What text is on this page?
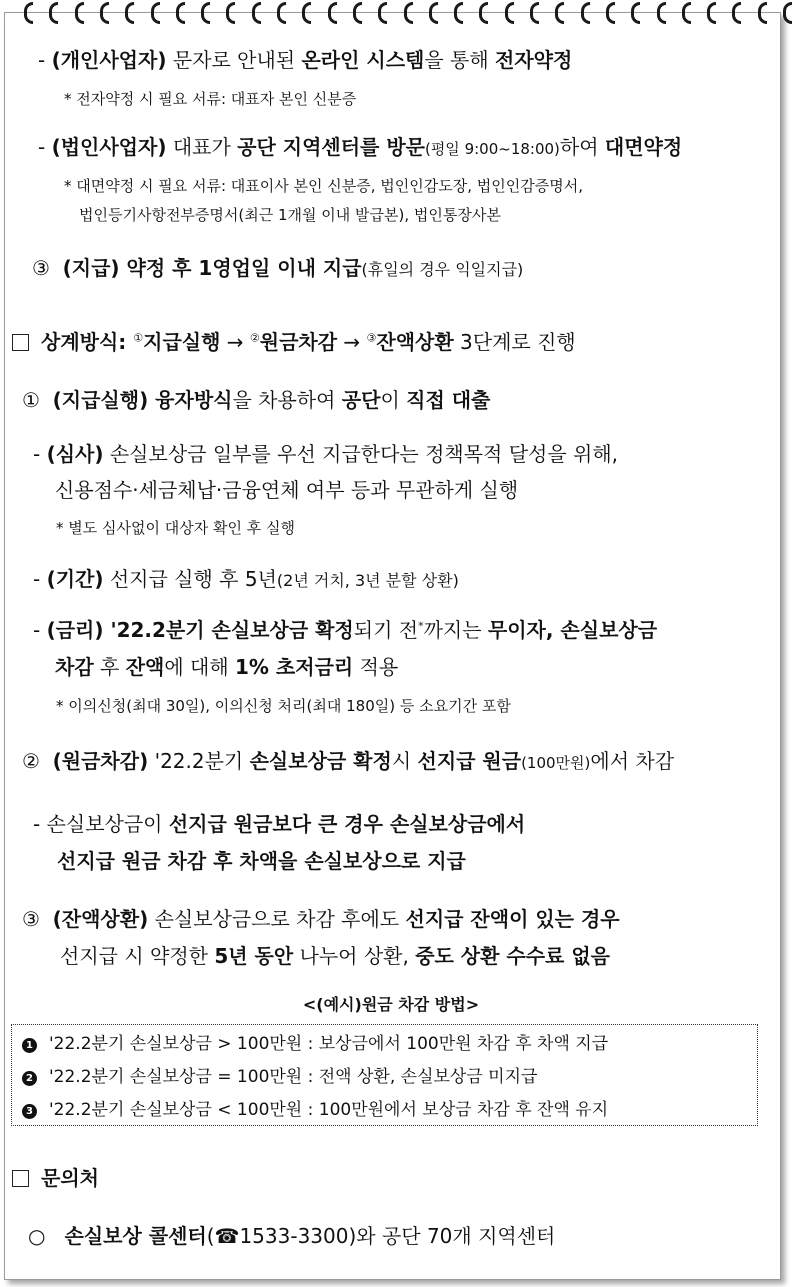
- (개인사업자) 문자로 안내된 온라인 시스템을 통해 전자약정
* 전자약정 시 필요 서류: 대표자 본인 신분증
- (법인사업자) 대표가 공단 지역센터를 방문(평일 9:00~18:00)하여 대면약정
* 대면약정 시 필요 서류: 대표이사 본인 신분증, 법인인감도장, 법인인감증명서,
법인등기사항전부증명서(최근 1개월 이내 발급본), 법인통장사본
③ (지급) 약정 후 1영업일 이내 지급(휴일의 경우 익일지급)
상계방식: ①지급실행 → ②원금차감 → ③잔액상환 3단계로 진행
① (지급실행) 융자방식을 차용하여 공단이 직접 대출
- (심사) 손실보상금 일부를 우선 지급한다는 정책목적 달성을 위해,
신용점수·세금체납·금융연체 여부 등과 무관하게 실행
* 별도 심사없이 대상자 확인 후 실행
- (기간) 선지급 실행 후 5년(2년 거치, 3년 분할 상환)
- (금리) '22.2분기 손실보상금 확정되기 전*까지는 무이자, 손실보상금
차감 후 잔액에 대해 1% 초저금리 적용
* 이의신청(최대 30일), 이의신청 처리(최대 180일) 등 소요기간 포함
② (원금차감) '22.2분기 손실보상금 확정시 선지급 원금(100만원)에서 차감
- 손실보상금이 선지급 원금보다 큰 경우 손실보상금에서
선지급 원금 차감 후 차액을 손실보상으로 지급
③ (잔액상환) 손실보상금으로 차감 후에도 선지급 잔액이 있는 경우
선지급 시 약정한 5년 동안 나누어 상환, 중도 상환 수수료 없음
<(예시)원금 차감 방법>
1 '22.2분기 손실보상금 > 100만원 : 보상금에서 100만원 차감 후 차액 지급
2 '22.2분기 손실보상금 = 100만원 : 전액 상환, 손실보상금 미지급
3 '22.2분기 손실보상금 < 100만원 : 100만원에서 보상금 차감 후 잔액 유지
문의처
○ 손실보상 콜센터(☎1533-3300)와 공단 70개 지역센터
